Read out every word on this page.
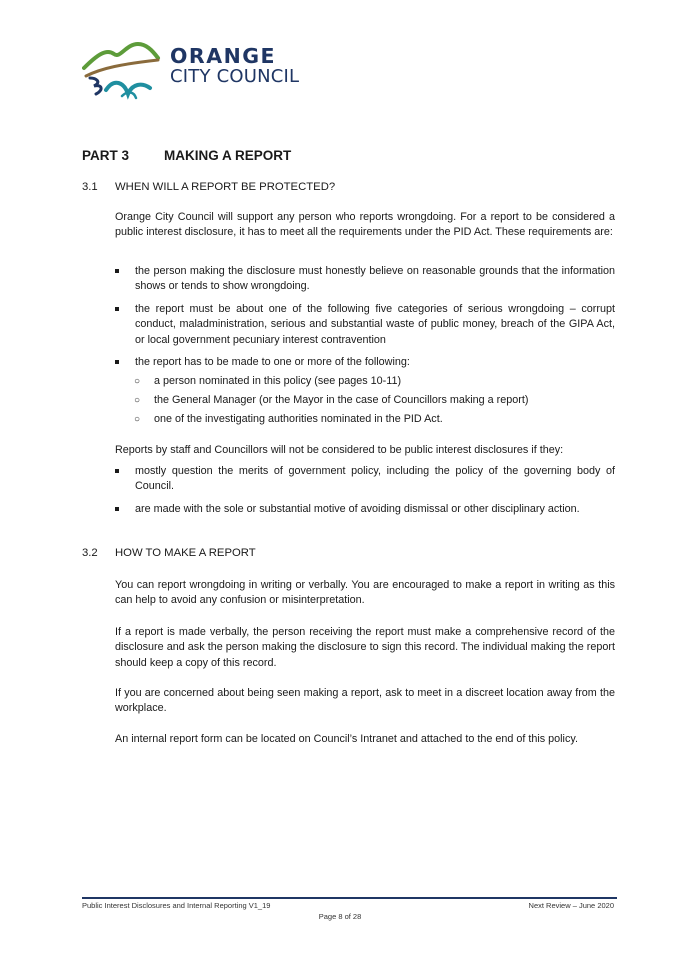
ORANGE
CITY COUNCIL
PART 3	MAKING A REPORT
3.1 WHEN WILL A REPORT BE PROTECTED?

Orange City Council will support any person who reports wrongdoing. For a report to be considered a public interest disclosure, it has to meet all the requirements under the PID Act. These requirements are:

the person making the disclosure must honestly believe on reasonable grounds that the information shows or tends to show wrongdoing.
the report must be about one of the following five categories of serious wrongdoing – corrupt conduct, maladministration, serious and substantial waste of public money, breach of the GIPA Act, or local government pecuniary interest contravention
the report has to be made to one or more of the following:
○ a person nominated in this policy (see pages 10-11)
○ the General Manager (or the Mayor in the case of Councillors making a report)
○ one of the investigating authorities nominated in the PID Act.

Reports by staff and Councillors will not be considered to be public interest disclosures if they:

mostly question the merits of government policy, including the policy of the governing body of Council.
are made with the sole or substantial motive of avoiding dismissal or other disciplinary action.
3.2 HOW TO MAKE A REPORT

You can report wrongdoing in writing or verbally. You are encouraged to make a report in writing as this can help to avoid any confusion or misinterpretation.

If a report is made verbally, the person receiving the report must make a comprehensive record of the disclosure and ask the person making the disclosure to sign this record. The individual making the report should keep a copy of this record.

If you are concerned about being seen making a report, ask to meet in a discreet location away from the workplace.

An internal report form can be located on Council’s Intranet and attached to the end of this policy.

Public Interest Disclosures and Internal Reporting V1_19	Next Review – June 2020
Page 8 of 28
